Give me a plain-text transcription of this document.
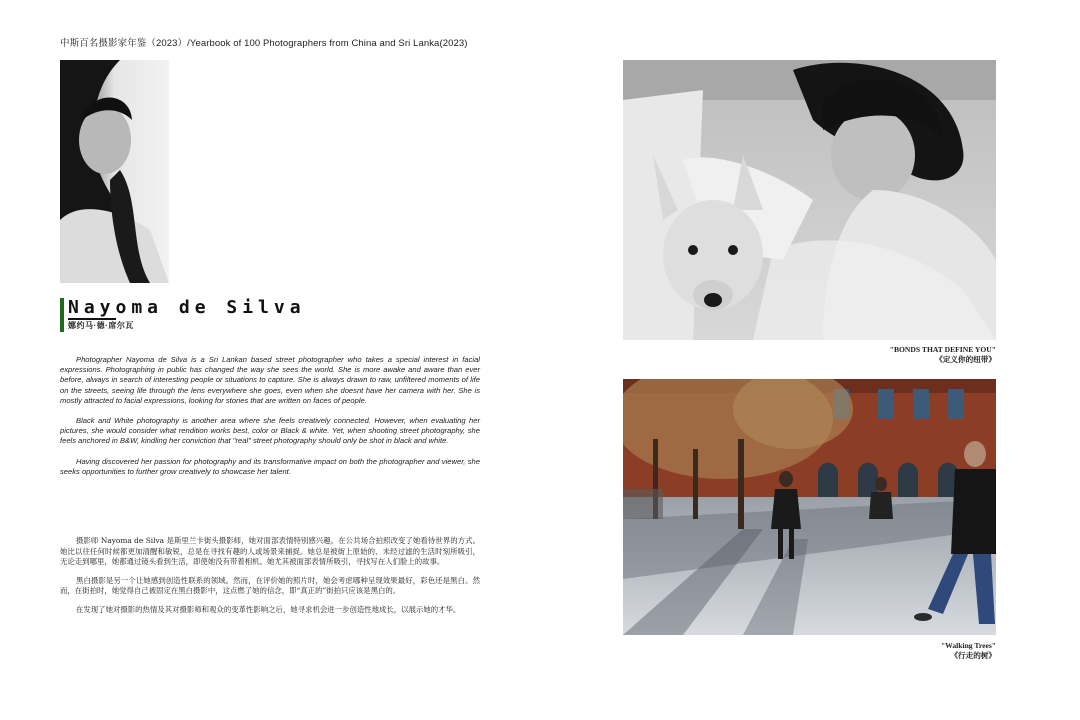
中斯百名摄影家年鉴（2023）/Yearbook of 100 Photographers from China and Sri Lanka(2023)
Nayoma de Silva
娜约马·德·席尔瓦

Photographer Nayoma de Silva is a Sri Lankan based street photographer who takes a special interest in facial expressions. Photographing in public has changed the way she sees the world. She is more awake and aware than ever before, always in search of interesting people or situations to capture. She is always drawn to raw, unfiltered moments of life on the streets, seeing life through the lens everywhere she goes, even when she doesnt have her camera with her. She is mostly attracted to facial expressions, looking for stories that are written on faces of people.

Black and White photography is another area where she feels creatively connected. However, when evaluating her pictures, she would consider what rendition works best, color or Black & white. Yet, when shooting street photography, she feels anchored in B&W, kindling her conviction that "real" street photography should only be shot in black and white.

Having discovered her passion for photography and its transformative impact on both the photographer and viewer, she seeks opportunities to further grow creatively to showcase her talent.

摄影师 Nayoma de Silva 是斯里兰卡街头摄影师，她对面部表情特别感兴趣。在公共场合拍照改变了她看待世界的方式。她比以往任何时候都更加清醒和敏锐，总是在寻找有趣的人或场景来捕捉。她总是被街上原始的、未经过滤的生活时刻所吸引，无论走到哪里，她都通过镜头看到生活，即使她没有带着相机。她尤其被面部表情所吸引，寻找写在人们脸上的故事。

黑白摄影是另一个让她感到创造性联系的领域。然而，在评价她的照片时，她会考虑哪种呈现效果最好，彩色还是黑白。然而，在街拍时，她觉得自己被固定在黑白摄影中，这点燃了她的信念，即“真正的”街拍只应该是黑白的。

在发现了她对摄影的热情及其对摄影师和观众的变革性影响之后，她寻求机会进一步创造性地成长，以展示她的才华。

"BONDS THAT DEFINE YOU"
《定义你的纽带》
"Walking Trees"
《行走的树》
